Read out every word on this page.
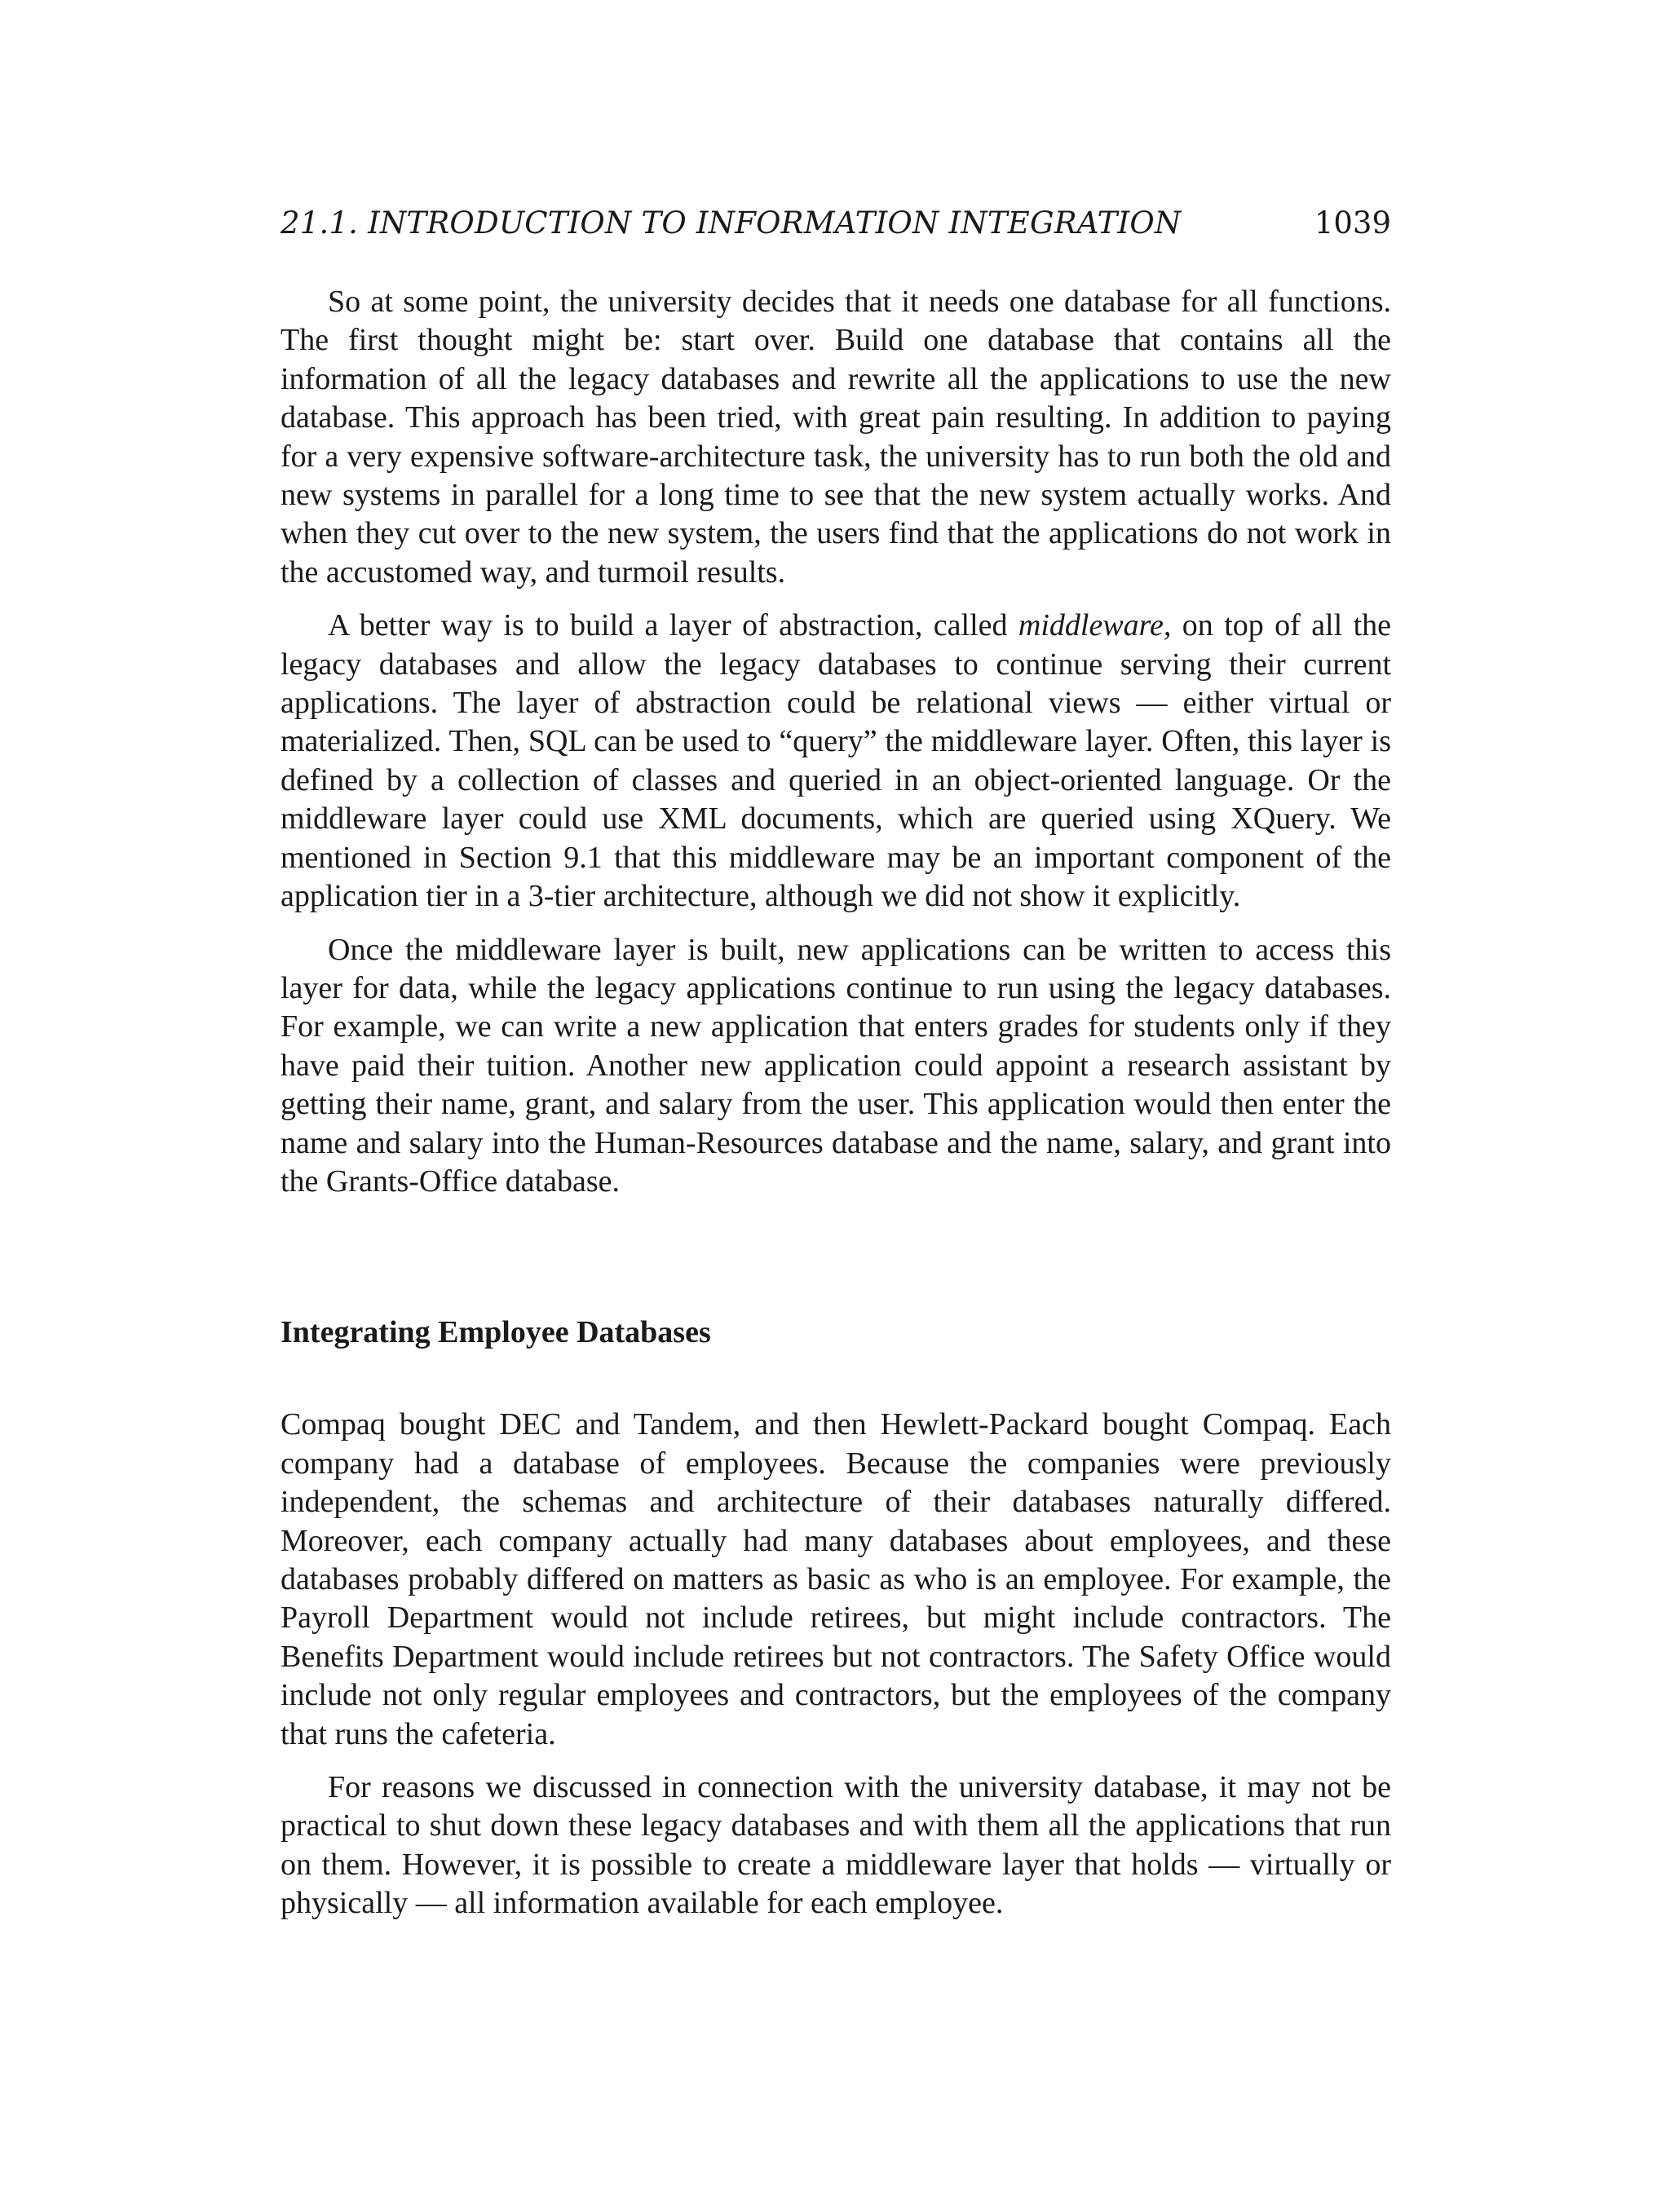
21.1. INTRODUCTION TO INFORMATION INTEGRATION	1039

So at some point, the university decides that it needs one database for all functions. The first thought might be: start over. Build one database that contains all the information of all the legacy databases and rewrite all the applications to use the new database. This approach has been tried, with great pain resulting. In addition to paying for a very expensive software-architecture task, the university has to run both the old and new systems in parallel for a long time to see that the new system actually works. And when they cut over to the new system, the users find that the applications do not work in the accustomed way, and turmoil results.

A better way is to build a layer of abstraction, called middleware, on top of all the legacy databases and allow the legacy databases to continue serving their current applications. The layer of abstraction could be relational views — either virtual or materialized. Then, SQL can be used to “query” the middleware layer. Often, this layer is defined by a collection of classes and queried in an object-oriented language. Or the middleware layer could use XML documents, which are queried using XQuery. We mentioned in Section 9.1 that this middleware may be an important component of the application tier in a 3-tier architecture, although we did not show it explicitly.

Once the middleware layer is built, new applications can be written to access this layer for data, while the legacy applications continue to run using the legacy databases. For example, we can write a new application that enters grades for students only if they have paid their tuition. Another new application could appoint a research assistant by getting their name, grant, and salary from the user. This application would then enter the name and salary into the Human-Resources database and the name, salary, and grant into the Grants-Office database.

Integrating Employee Databases

Compaq bought DEC and Tandem, and then Hewlett-Packard bought Compaq. Each company had a database of employees. Because the companies were previously independent, the schemas and architecture of their databases naturally differed. Moreover, each company actually had many databases about employees, and these databases probably differed on matters as basic as who is an employee. For example, the Payroll Department would not include retirees, but might include contractors. The Benefits Department would include retirees but not contractors. The Safety Office would include not only regular employees and contractors, but the employees of the company that runs the cafeteria.

For reasons we discussed in connection with the university database, it may not be practical to shut down these legacy databases and with them all the applications that run on them. However, it is possible to create a middleware layer that holds — virtually or physically — all information available for each employee.
